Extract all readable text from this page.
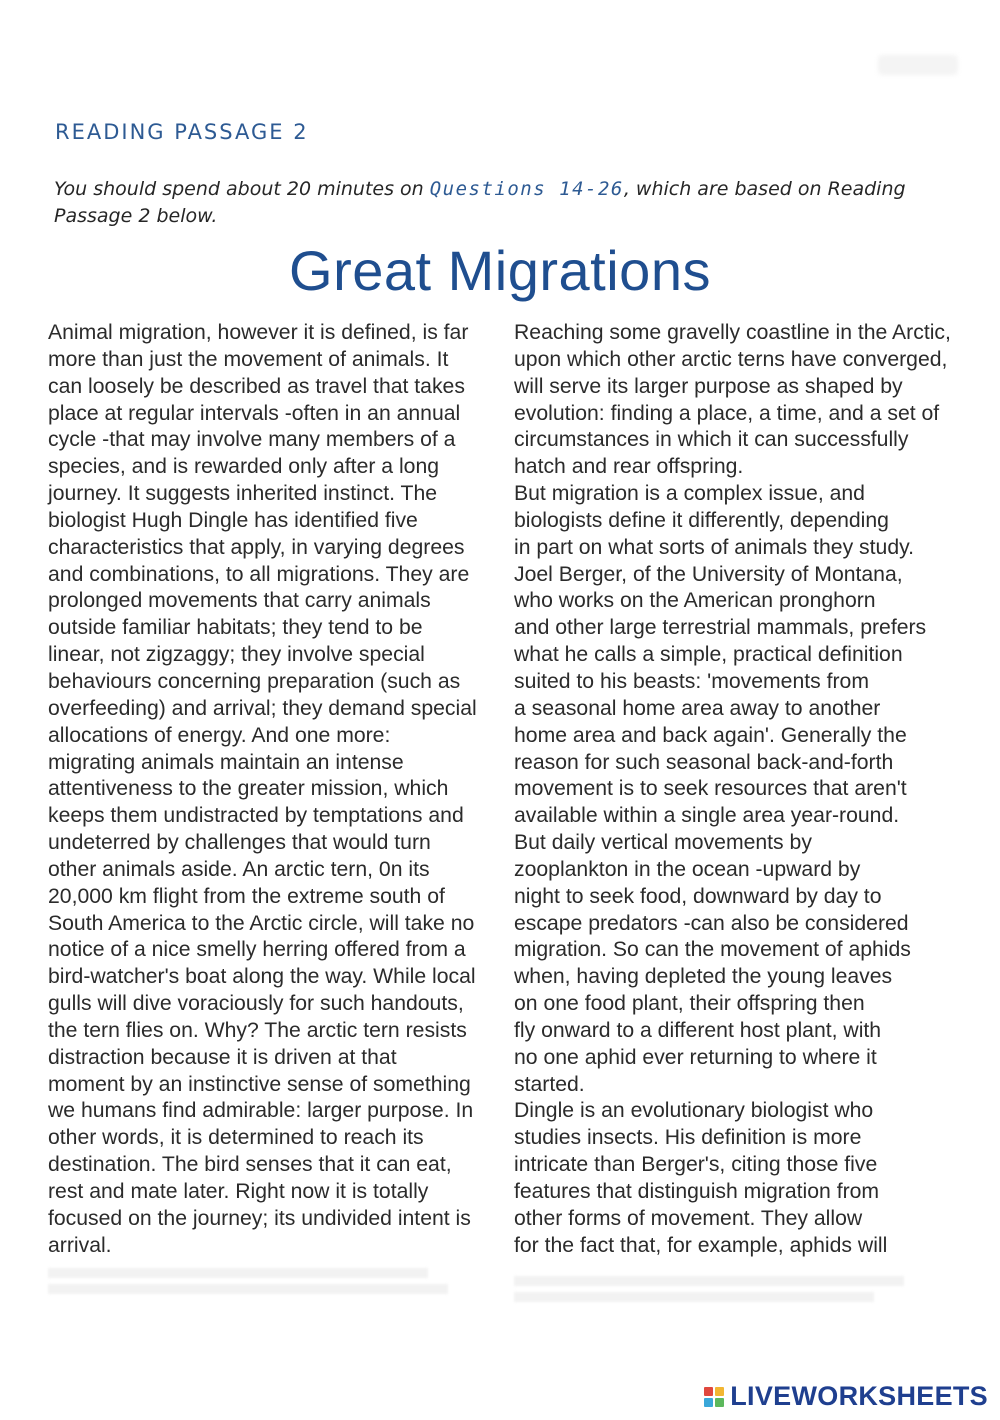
READING PASSAGE 2
You should spend about 20 minutes on Questions 14-26, which are based on Reading Passage 2 below.
Great Migrations
Animal migration, however it is defined, is far
more than just the movement of animals. It
can loosely be described as travel that takes
place at regular intervals -often in an annual
cycle -that may involve many members of a
species, and is rewarded only after a long
journey. It suggests inherited instinct. The
biologist Hugh Dingle has identified five
characteristics that apply, in varying degrees
and combinations, to all migrations. They are
prolonged movements that carry animals
outside familiar habitats; they tend to be
linear, not zigzaggy; they involve special
behaviours concerning preparation (such as
overfeeding) and arrival; they demand special
allocations of energy. And one more:
migrating animals maintain an intense
attentiveness to the greater mission, which
keeps them undistracted by temptations and
undeterred by challenges that would turn
other animals aside. An arctic tern, 0n its
20,000 km flight from the extreme south of
South America to the Arctic circle, will take no
notice of a nice smelly herring offered from a
bird-watcher's boat along the way. While local
gulls will dive voraciously for such handouts,
the tern flies on. Why? The arctic tern resists
distraction because it is driven at that
moment by an instinctive sense of something
we humans find admirable: larger purpose. In
other words, it is determined to reach its
destination. The bird senses that it can eat,
rest and mate later. Right now it is totally
focused on the journey; its undivided intent is
arrival.
Reaching some gravelly coastline in the Arctic,
upon which other arctic terns have converged,
will serve its larger purpose as shaped by
evolution: finding a place, a time, and a set of
circumstances in which it can successfully
hatch and rear offspring.
But migration is a complex issue, and
biologists define it differently, depending
in part on what sorts of animals they study.
Joel Berger, of the University of Montana,
who works on the American pronghorn
and other large terrestrial mammals, prefers
what he calls a simple, practical definition
suited to his beasts: 'movements from
a seasonal home area away to another
home area and back again'. Generally the
reason for such seasonal back-and-forth
movement is to seek resources that aren't
available within a single area year-round.
But daily vertical movements by
zooplankton in the ocean -upward by
night to seek food, downward by day to
escape predators -can also be considered
migration. So can the movement of aphids
when, having depleted the young leaves
on one food plant, their offspring then
fly onward to a different host plant, with
no one aphid ever returning to where it
started.
Dingle is an evolutionary biologist who
studies insects. His definition is more
intricate than Berger's, citing those five
features that distinguish migration from
other forms of movement. They allow
for the fact that, for example, aphids will
LIVEWORKSHEETS
